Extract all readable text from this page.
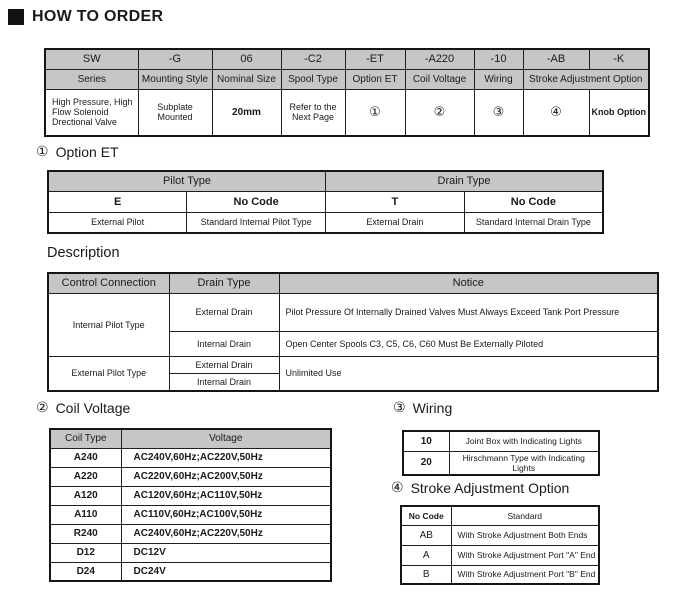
HOW TO ORDER
SW	-G	06	-C2	-ET	-A220	-10	-AB	-K
Series	Mounting Style	Nominal Size	Spool Type	Option ET	Coil Voltage	Wiring	Stroke Adjustment Option	
High Pressure, High Flow Solenoid Drectional Valve	Subplate Mounted	20mm	Refer to the Next Page	①	②	③	④	Knob Option
① Option ET
Pilot Type		Drain Type	
E	No Code	T	No Code
External Pilot	Standard Internal Pilot Type	External Drain	Standard Internal Drain Type
Description
Control Connection	Drain Type	Notice
Internal Pilot Type	External Drain	Pilot Pressure Of Internally Drained Valves Must Always Exceed Tank Port Pressure
	Internal Drain	Open Center Spools C3, C5, C6, C60 Must Be Externally Piloted
External Pilot Type	External Drain	Unlimited Use
	Internal Drain	
② Coil Voltage
Coil Type	Voltage
A240	AC240V,60Hz;AC220V,50Hz
A220	AC220V,60Hz;AC200V,50Hz
A120	AC120V,60Hz;AC110V,50Hz
A110	AC110V,60Hz;AC100V,50Hz
R240	AC240V,60Hz;AC220V,50Hz
D12	DC12V
D24	DC24V
③ Wiring
10	Joint Box with Indicating Lights
20	Hirschmann Type with Indicating Lights
④ Stroke Adjustment Option
No Code	Standard
AB	With Stroke Adjustment Both Ends
A	With Stroke Adjustment Port "A" End
B	With Stroke Adjustment Port "B" End
